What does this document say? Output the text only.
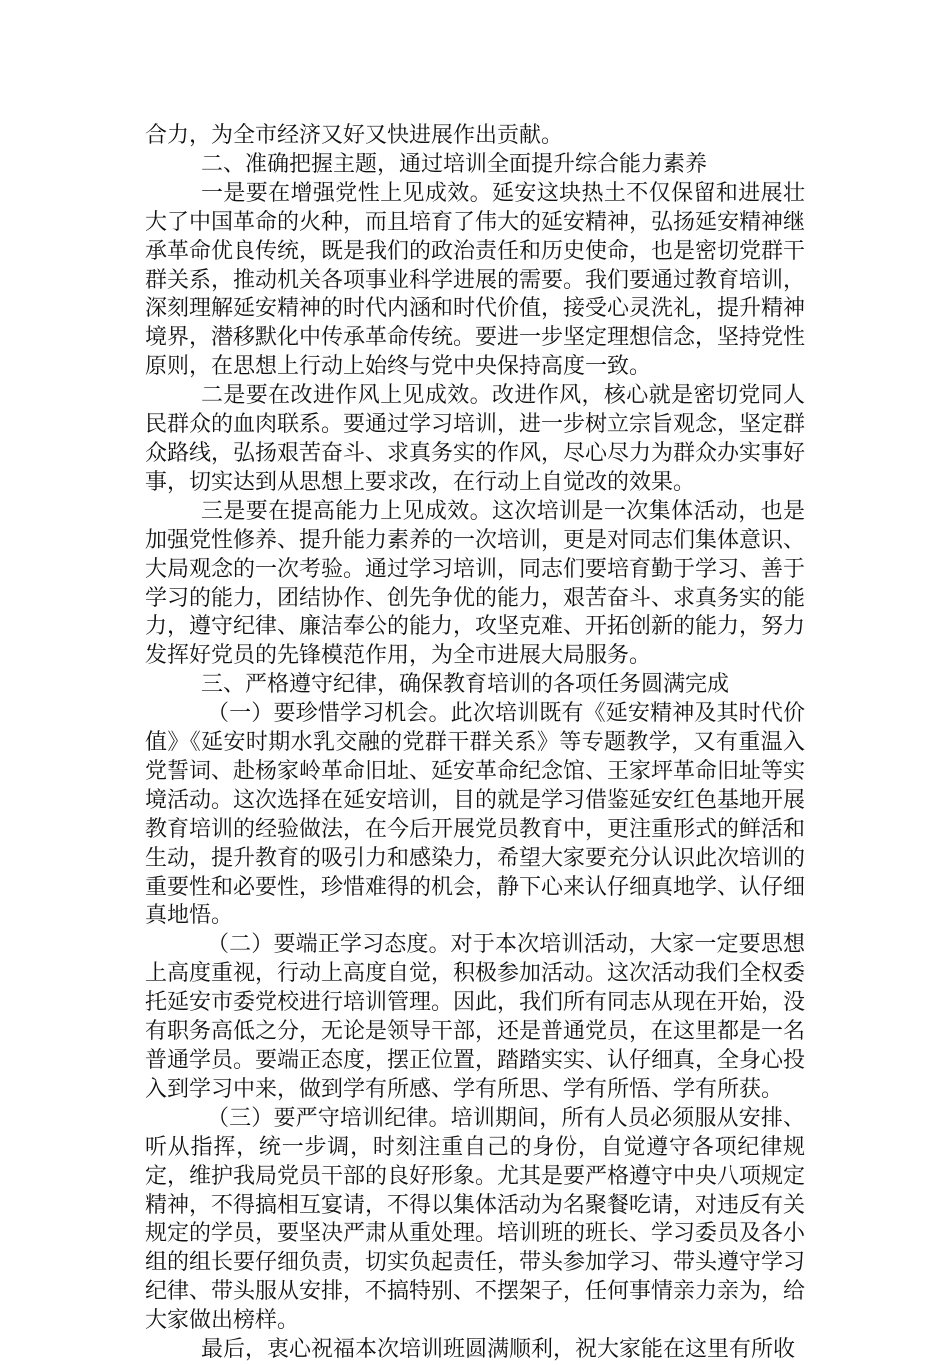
合力，为全市经济又好又快进展作出贡献。

二、准确把握主题，通过培训全面提升综合能力素养

一是要在增强党性上见成效。延安这块热土不仅保留和进展壮大了中国革命的火种，而且培育了伟大的延安精神，弘扬延安精神继承革命优良传统，既是我们的政治责任和历史使命，也是密切党群干群关系，推动机关各项事业科学进展的需要。我们要通过教育培训，深刻理解延安精神的时代内涵和时代价值，接受心灵洗礼，提升精神境界，潜移默化中传承革命传统。要进一步坚定理想信念，坚持党性原则，在思想上行动上始终与党中央保持高度一致。

二是要在改进作风上见成效。改进作风，核心就是密切党同人民群众的血肉联系。要通过学习培训，进一步树立宗旨观念，坚定群众路线，弘扬艰苦奋斗、求真务实的作风，尽心尽力为群众办实事好事，切实达到从思想上要求改，在行动上自觉改的效果。

三是要在提高能力上见成效。这次培训是一次集体活动，也是加强党性修养、提升能力素养的一次培训，更是对同志们集体意识、大局观念的一次考验。通过学习培训，同志们要培育勤于学习、善于学习的能力，团结协作、创先争优的能力，艰苦奋斗、求真务实的能力，遵守纪律、廉洁奉公的能力，攻坚克难、开拓创新的能力，努力发挥好党员的先锋模范作用，为全市进展大局服务。

三、严格遵守纪律，确保教育培训的各项任务圆满完成

（一）要珍惜学习机会。此次培训既有《延安精神及其时代价值》《延安时期水乳交融的党群干群关系》等专题教学，又有重温入党誓词、赴杨家岭革命旧址、延安革命纪念馆、王家坪革命旧址等实境活动。这次选择在延安培训，目的就是学习借鉴延安红色基地开展教育培训的经验做法，在今后开展党员教育中，更注重形式的鲜活和生动，提升教育的吸引力和感染力，希望大家要充分认识此次培训的重要性和必要性，珍惜难得的机会，静下心来认仔细真地学、认仔细真地悟。

（二）要端正学习态度。对于本次培训活动，大家一定要思想上高度重视，行动上高度自觉，积极参加活动。这次活动我们全权委托延安市委党校进行培训管理。因此，我们所有同志从现在开始，没有职务高低之分，无论是领导干部，还是普通党员，在这里都是一名普通学员。要端正态度，摆正位置，踏踏实实、认仔细真，全身心投入到学习中来，做到学有所感、学有所思、学有所悟、学有所获。

（三）要严守培训纪律。培训期间，所有人员必须服从安排、听从指挥，统一步调，时刻注重自己的身份，自觉遵守各项纪律规定，维护我局党员干部的良好形象。尤其是要严格遵守中央八项规定精神，不得搞相互宴请，不得以集体活动为名聚餐吃请，对违反有关规定的学员，要坚决严肃从重处理。培训班的班长、学习委员及各小组的组长要仔细负责，切实负起责任，带头参加学习、带头遵守学习纪律、带头服从安排，不搞特别、不摆架子，任何事情亲力亲为，给大家做出榜样。

最后，衷心祝福本次培训班圆满顺利，祝大家能在这里有所收
